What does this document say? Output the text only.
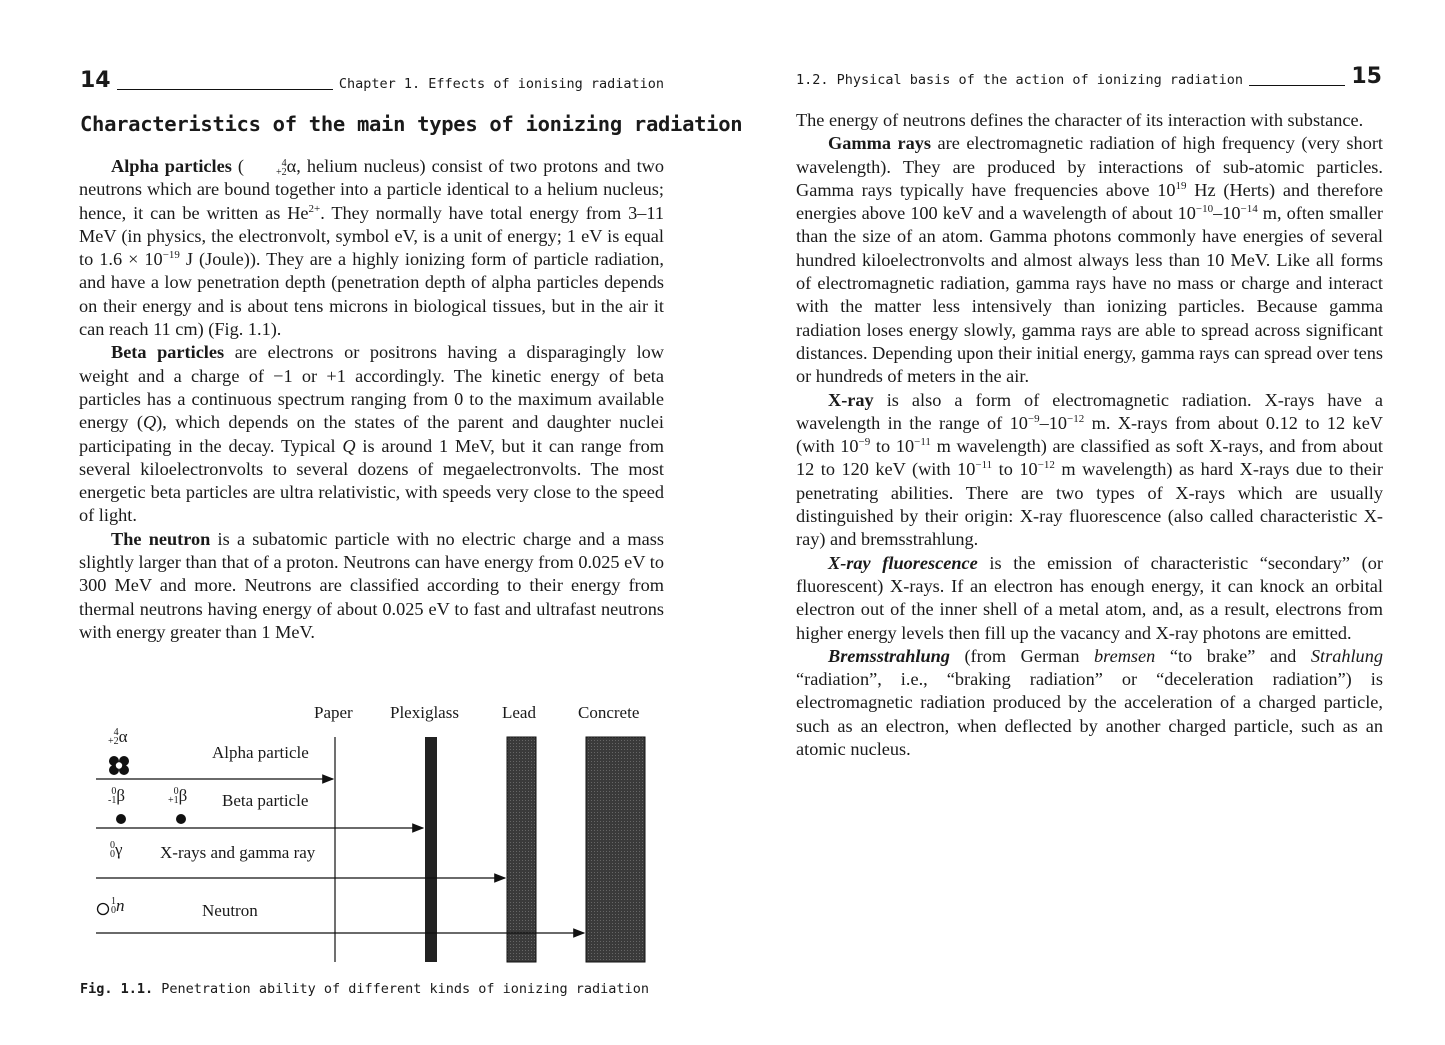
14	Chapter 1. Effects of ionising radiation
Characteristics of the main types of ionizing radiation

Alpha particles (	4
+2 α, helium nucleus) consist of two protons and two neutrons which are bound together into a particle identical to a helium nucleus; hence, it can be written as $He^{2+}$. They normally have total energy from 3–11 MeV (in physics, the electronvolt, symbol eV, is a unit of energy; 1 eV is equal to $1.6 \times 10^{-19}$ J (Joule)). They are a highly ionizing form of particle radiation, and have a low penetration depth (penetration depth of alpha particles depends on their energy and is about tens microns in biological tissues, but in the air it can reach 11 cm) (Fig. 1.1).

Beta particles are electrons or positrons having a disparagingly low weight and a charge of −1 or +1 accordingly. The kinetic energy of beta particles has a continuous spectrum ranging from 0 to the maximum available energy (Q), which depends on the states of the parent and daughter nuclei participating in the decay. Typical Q is around 1 MeV, but it can range from several kiloelectronvolts to several dozens of megaelectronvolts. The most energetic beta particles are ultra relativistic, with speeds very close to the speed of light.

The neutron is a subatomic particle with no electric charge and a mass slightly larger than that of a proton. Neutrons can have energy from 0.025 eV to 300 MeV and more. Neutrons are classified according to their energy from thermal neutrons having energy of about 0.025 eV to fast and ultrafast neutrons with energy greater than 1 MeV.

Paper Plexiglass	Lead Concrete
4
+2 α
Alpha particle
0
-1 β	0
+1 β Beta particle
0
0 γ X-rays and gamma ray
1
0 n	Neutron
Fig. 1.1. Penetration ability of different kinds of ionizing radiation
1.2. Physical basis of the action of ionizing radiation	15

The energy of neutrons defines the character of its interaction with substance.

Gamma rays are electromagnetic radiation of high frequency (very short wavelength). They are produced by interactions of sub-atomic particles. Gamma rays typically have frequencies above $10^{19}$ Hz (Herts) and therefore energies above 100 keV and a wavelength of about $10^{-10}-10^{-14}$ m, often smaller than the size of an atom. Gamma photons commonly have energies of several hundred kiloelectronvolts and almost always less than 10 MeV. Like all forms of electromagnetic radiation, gamma rays have no mass or charge and interact with the matter less intensively than ionizing particles. Because gamma radiation loses energy slowly, gamma rays are able to spread across significant distances. Depending upon their initial energy, gamma rays can spread over tens or hundreds of meters in the air.

X-ray is also a form of electromagnetic radiation. X-rays have a wavelength in the range of $10^{-9}-10^{-12}$ m. X-rays from about 0.12 to 12 keV (with $10^{-9}$ to $10^{-11}$ m wavelength) are classified as soft X-rays, and from about 12 to 120 keV (with $10^{-11}$ to $10^{-12}$ m wavelength) as hard X-rays due to their penetrating abilities. There are two types of X-rays which are usually distinguished by their origin: X-ray fluorescence (also called characteristic X-ray) and bremsstrahlung.

X-ray fluorescence is the emission of characteristic “secondary” (or fluorescent) X-rays. If an electron has enough energy, it can knock an orbital electron out of the inner shell of a metal atom, and, as a result, electrons from higher energy levels then fill up the vacancy and X-ray photons are emitted.

Bremsstrahlung (from German bremsen “to brake” and Strahlung “radiation”, i.e., “braking radiation” or “deceleration radiation”) is electromagnetic radiation produced by the acceleration of a charged particle, such as an electron, when deflected by another charged particle, such as an atomic nucleus.
